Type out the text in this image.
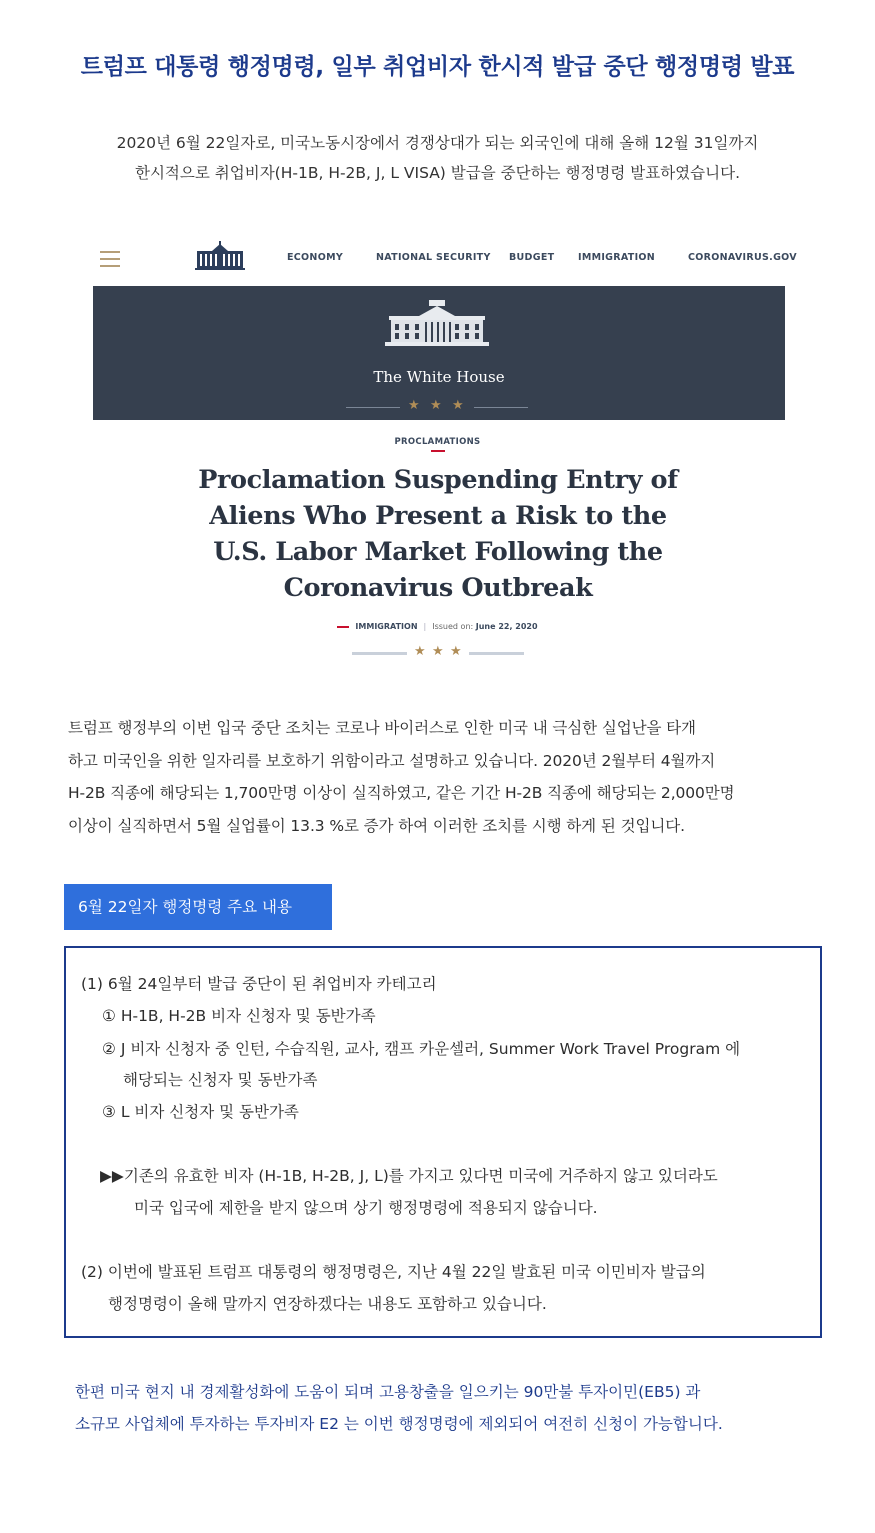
트럼프 대통령 행정명령, 일부 취업비자 한시적 발급 중단 행정명령 발표

2020년 6월 22일자로, 미국노동시장에서 경쟁상대가 되는 외국인에 대해 올해 12월 31일까지

한시적으로 취업비자(H-1B, H-2B, J, L VISA) 발급을 중단하는 행정명령 발표하였습니다.

ECONOMY	NATIONAL SECURITY BUDGET IMMIGRATION	CORONAVIRUS.GOV
The White House
★ ★ ★
PROCLAMATIONS

Proclamation Suspending Entry of

Aliens Who Present a Risk to the

U.S. Labor Market Following the

Coronavirus Outbreak

IMMIGRATION | Issued on: June 22, 2020
★ ★ ★

트럼프 행정부의 이번 입국 중단 조치는 코로나 바이러스로 인한 미국 내 극심한 실업난을 타개

하고 미국인을 위한 일자리를 보호하기 위함이라고 설명하고 있습니다. 2020년 2월부터 4월까지

H-2B 직종에 해당되는 1,700만명 이상이 실직하였고, 같은 기간 H-2B 직종에 해당되는 2,000만명

이상이 실직하면서 5월 실업률이 13.3 %로 증가 하여 이러한 조치를 시행 하게 된 것입니다.

6월 22일자 행정명령 주요 내용
(1) 6월 24일부터 발급 중단이 된 취업비자 카테고리
① H-1B, H-2B 비자 신청자 및 동반가족
② J 비자 신청자 중 인턴, 수습직원, 교사, 캠프 카운셀러, Summer Work Travel Program 에
해당되는 신청자 및 동반가족
③ L 비자 신청자 및 동반가족
▶▶기존의 유효한 비자 (H-1B, H-2B, J, L)를 가지고 있다면 미국에 거주하지 않고 있더라도
미국 입국에 제한을 받지 않으며 상기 행정명령에 적용되지 않습니다.
(2) 이번에 발표된 트럼프 대통령의 행정명령은, 지난 4월 22일 발효된 미국 이민비자 발급의
행정명령이 올해 말까지 연장하겠다는 내용도 포함하고 있습니다.

한편 미국 현지 내 경제활성화에 도움이 되며 고용창출을 일으키는 90만불 투자이민(EB5) 과

소규모 사업체에 투자하는 투자비자 E2 는 이번 행정명령에 제외되어 여전히 신청이 가능합니다.
